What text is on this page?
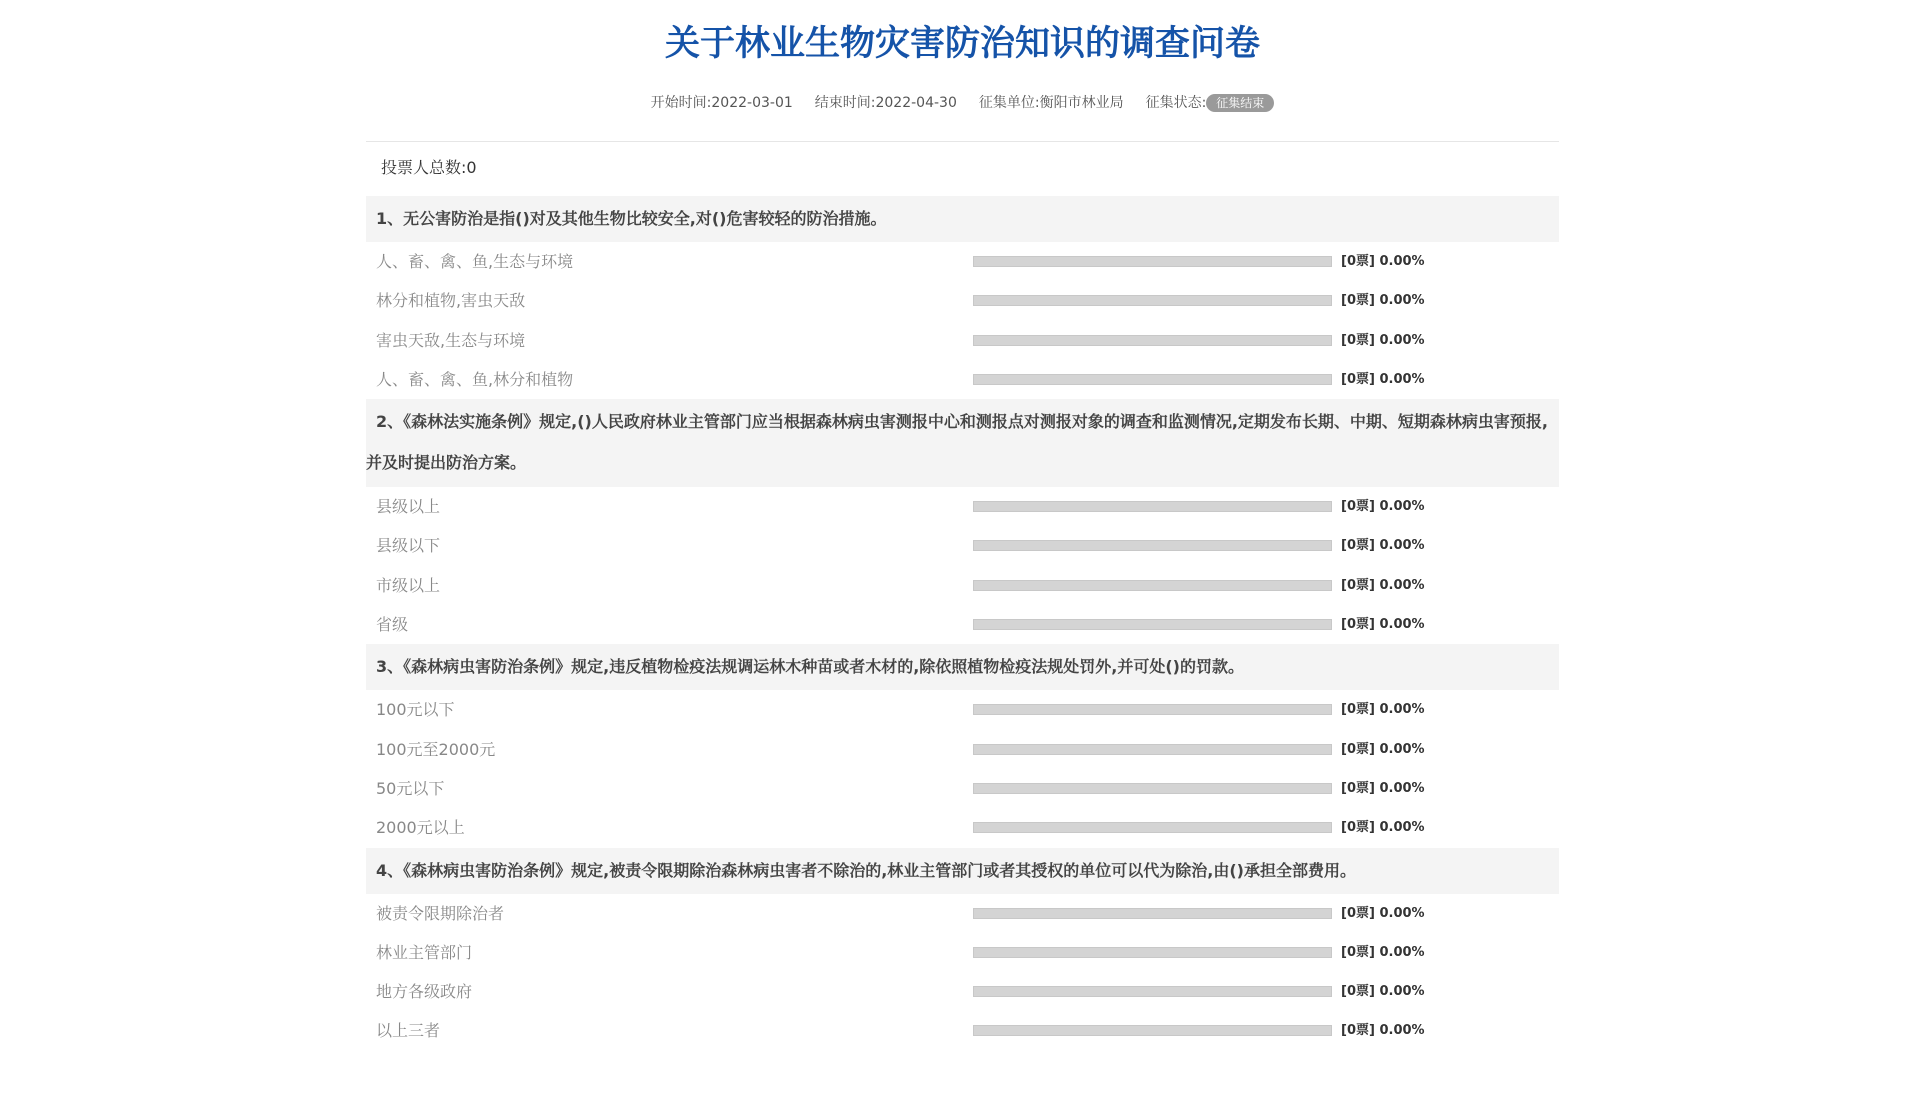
关于林业生物灾害防治知识的调查问卷
开始时间:2022-03-01 结束时间:2022-04-30 征集单位:衡阳市林业局 征集状态: 征集结束
投票人总数:0
1、无公害防治是指()对及其他生物比较安全,对()危害较轻的防治措施。
人、畜、禽、鱼,生态与环境	[0票] 0.00%
林分和植物,害虫天敌	[0票] 0.00%
害虫天敌,生态与环境	[0票] 0.00%
人、畜、禽、鱼,林分和植物	[0票] 0.00%
2、《森林法实施条例》规定,()人民政府林业主管部门应当根据森林病虫害测报中心和测报点对测报对象的调查和监测情况,定期发布长期、中期、短期森林病虫害预报,并及时提出防治方案。
县级以上	[0票] 0.00%
县级以下	[0票] 0.00%
市级以上	[0票] 0.00%
省级	[0票] 0.00%
3、《森林病虫害防治条例》规定,违反植物检疫法规调运林木种苗或者木材的,除依照植物检疫法规处罚外,并可处()的罚款。
100元以下	[0票] 0.00%
100元至2000元	[0票] 0.00%
50元以下	[0票] 0.00%
2000元以上	[0票] 0.00%
4、《森林病虫害防治条例》规定,被责令限期除治森林病虫害者不除治的,林业主管部门或者其授权的单位可以代为除治,由()承担全部费用。
被责令限期除治者	[0票] 0.00%
林业主管部门	[0票] 0.00%
地方各级政府	[0票] 0.00%
以上三者	[0票] 0.00%
